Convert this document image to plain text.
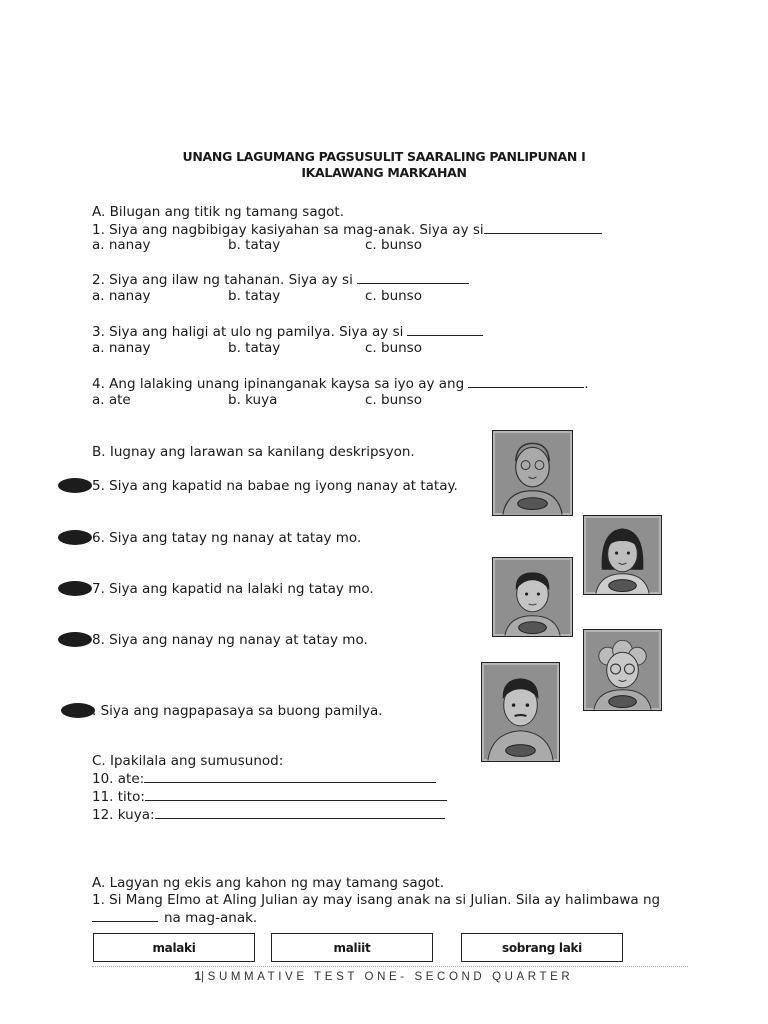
UNANG LAGUMANG PAGSUSULIT SAARALING PANLIPUNAN I
IKALAWANG MARKAHAN
A. Bilugan ang titik ng tamang sagot.
1. Siya ang nagbibigay kasiyahan sa mag-anak. Siya ay si
a. nanay	b. tatay	c. bunso
2. Siya ang ilaw ng tahanan. Siya ay si
a. nanay	b. tatay	c. bunso
3. Siya ang haligi at ulo ng pamilya. Siya ay si
a. nanay	b. tatay	c. bunso
4. Ang lalaking unang ipinanganak kaysa sa iyo ay ang	.
a. ate	b. kuya	c. bunso
B. Iugnay ang larawan sa kanilang deskripsyon.
5. Siya ang kapatid na babae ng iyong nanay at tatay.
6. Siya ang tatay ng nanay at tatay mo.
7. Siya ang kapatid na lalaki ng tatay mo.
8. Siya ang nanay ng nanay at tatay mo.
. Siya ang nagpapasaya sa buong pamilya.
C. Ipakilala ang sumusunod:
10. ate:
11. tito:
12. kuya:
A. Lagyan ng ekis ang kahon ng may tamang sagot.
1. Si Mang Elmo at Aling Julian ay may isang anak na si Julian. Sila ay halimbawa ng
na mag-anak.
malaki	maliit	sobrang laki
1|SUMMATIVE TEST ONE- SECOND QUARTER
